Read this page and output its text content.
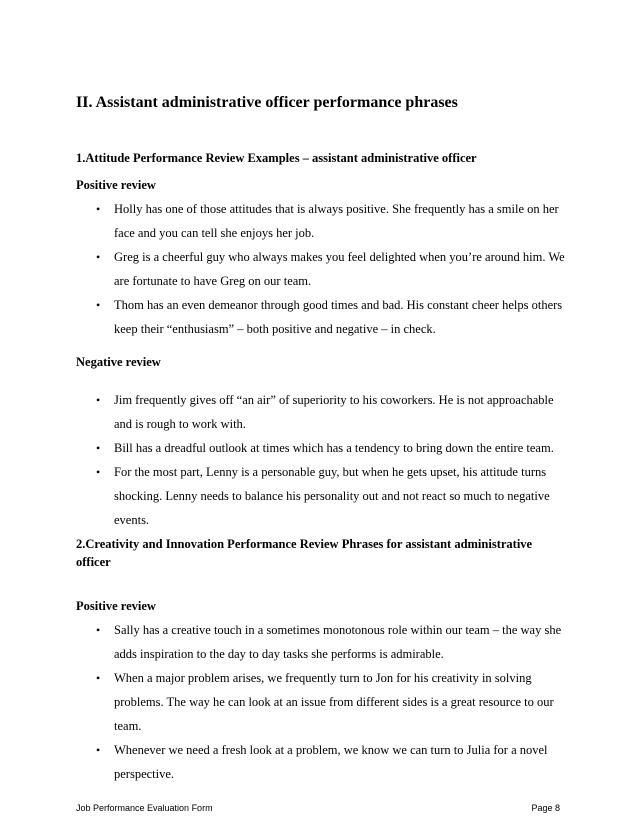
II. Assistant administrative officer performance phrases
1.Attitude Performance Review Examples – assistant administrative officer
Positive review
• Holly has one of those attitudes that is always positive. She frequently has a smile on her face and you can tell she enjoys her job.
• Greg is a cheerful guy who always makes you feel delighted when you’re around him. We are fortunate to have Greg on our team.
• Thom has an even demeanor through good times and bad. His constant cheer helps others keep their “enthusiasm” – both positive and negative – in check.
Negative review
• Jim frequently gives off “an air” of superiority to his coworkers. He is not approachable and is rough to work with.
• Bill has a dreadful outlook at times which has a tendency to bring down the entire team.
• For the most part, Lenny is a personable guy, but when he gets upset, his attitude turns shocking. Lenny needs to balance his personality out and not react so much to negative events.
2.Creativity and Innovation Performance Review Phrases for assistant administrative
officer
Positive review
• Sally has a creative touch in a sometimes monotonous role within our team – the way she adds inspiration to the day to day tasks she performs is admirable.
• When a major problem arises, we frequently turn to Jon for his creativity in solving problems. The way he can look at an issue from different sides is a great resource to our team.
• Whenever we need a fresh look at a problem, we know we can turn to Julia for a novel perspective.
Job Performance Evaluation Form	Page 8
